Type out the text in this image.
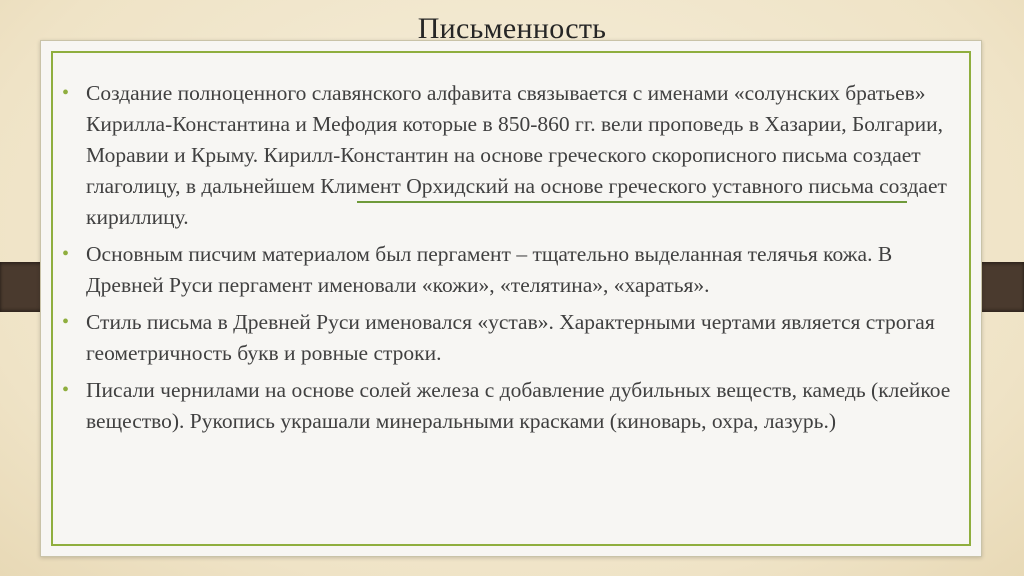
Письменность
• Создание полноценного славянского алфавита связывается с именами «солунских братьев» Кирилла-Константина и Мефодия которые в 850-860 гг. вели проповедь в Хазарии, Болгарии, Моравии и Крыму. Кирилл-Константин на основе греческого скорописного письма создает глаголицу, в дальнейшем Климент Орхидский на основе греческого уставного письма создает кириллицу.
• Основным писчим материалом был пергамент – тщательно выделанная телячья кожа. В Древней Руси пергамент именовали «кожи», «телятина», «харатья».
• Стиль письма в Древней Руси именовался «устав». Характерными чертами является строгая геометричность букв и ровные строки.
• Писали чернилами на основе солей железа с добавление дубильных веществ, камедь (клейкое вещество). Рукопись украшали минеральными красками (киноварь, охра, лазурь.)
